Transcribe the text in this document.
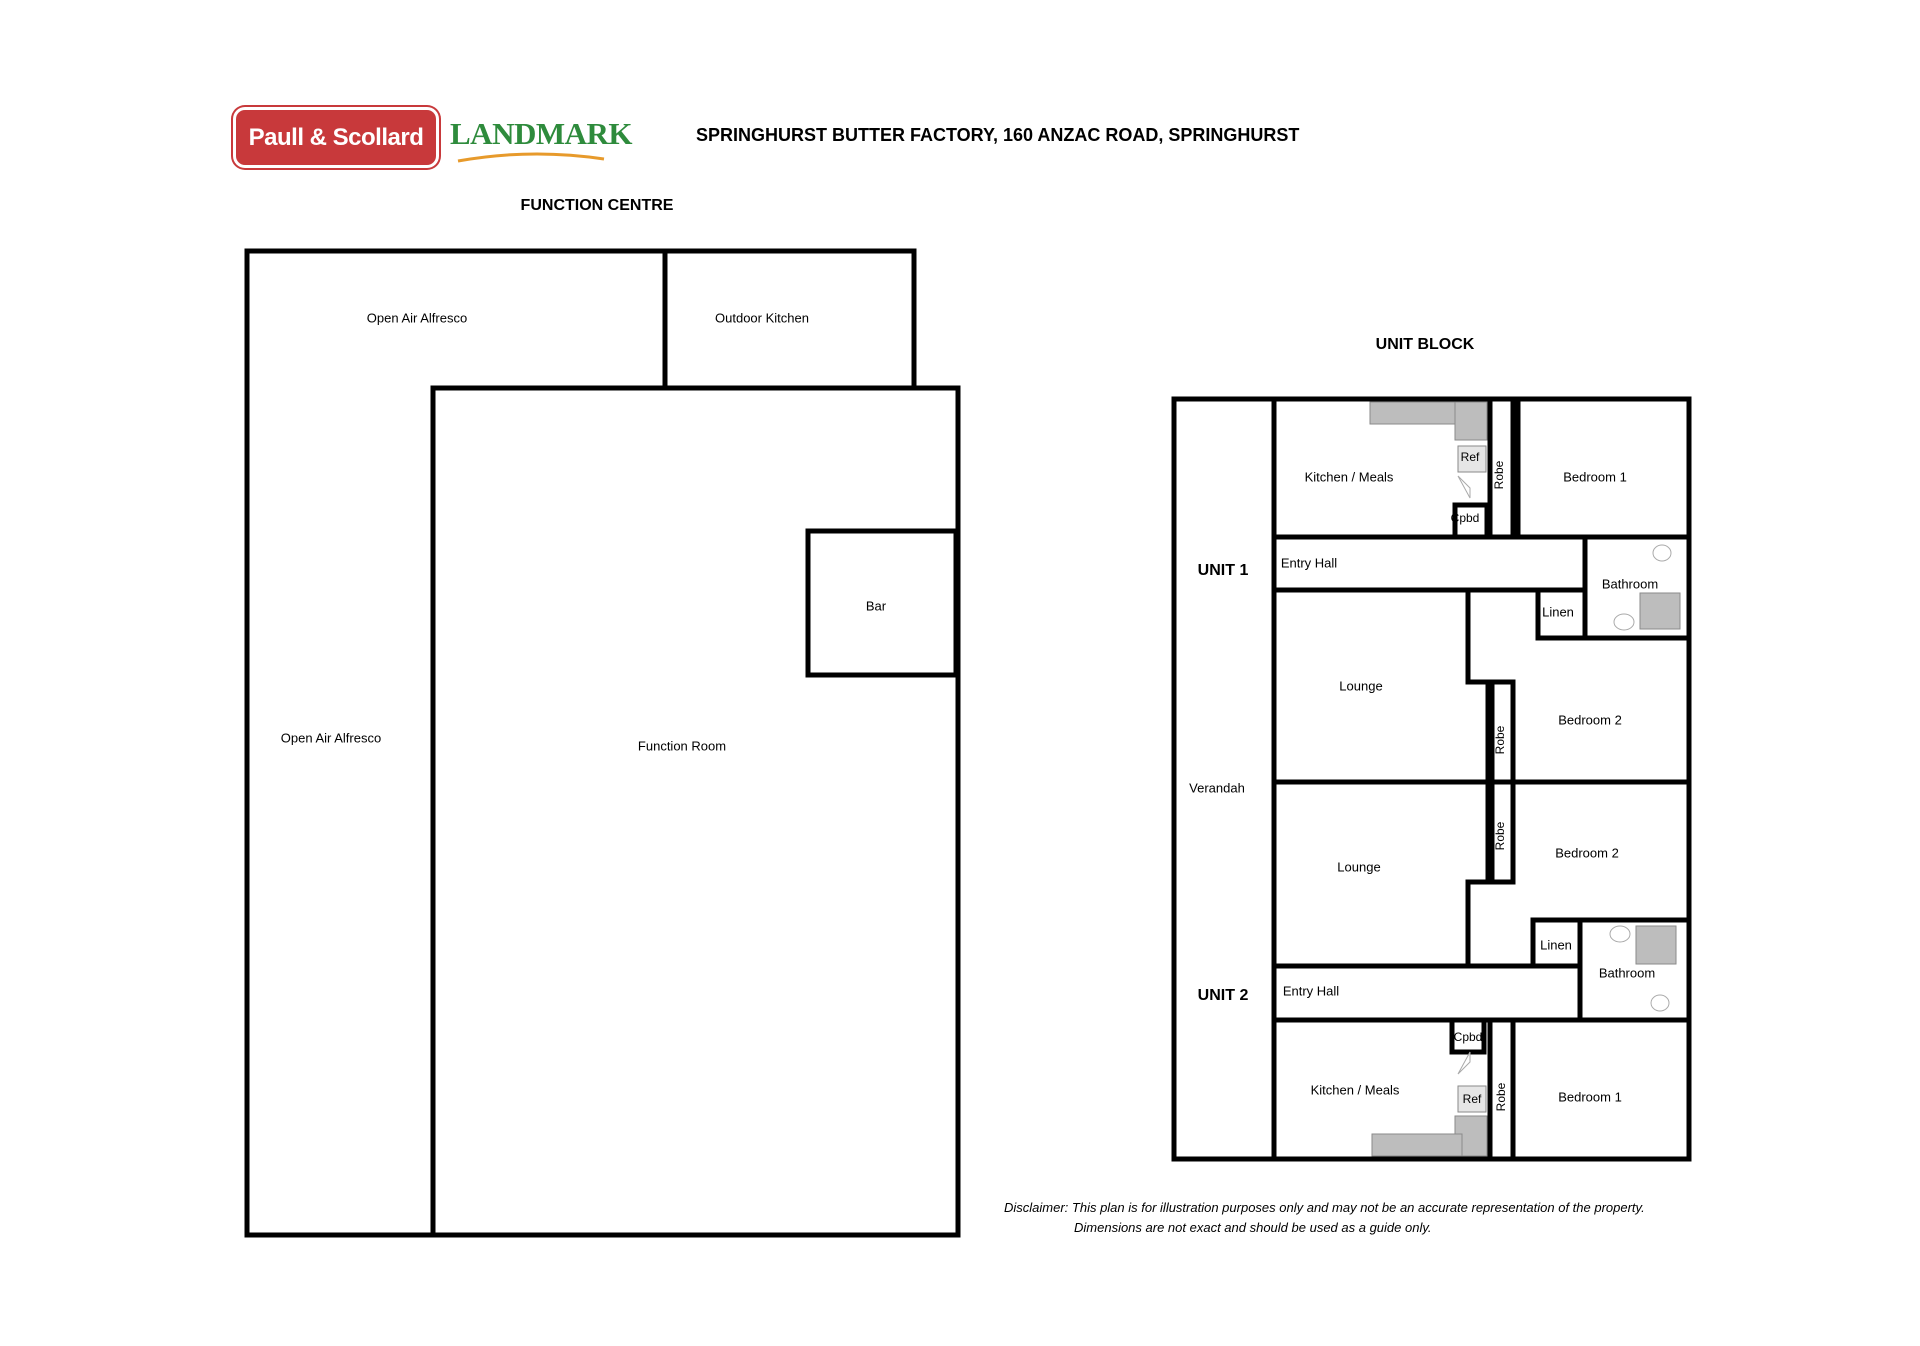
Paull & Scollard LANDMARK	SPRINGHURST BUTTER FACTORY, 160 ANZAC ROAD, SPRINGHURST
FUNCTION CENTRE
UNIT BLOCK
Open Air Alfresco	Outdoor Kitchen
Bar
Open Air Alfresco
Function Room
Verandah
UNIT 1
UNIT 2
Kitchen / Meals
Ref
Cpbd
Robe	Bedroom 1
Entry Hall
Bathroom
Linen
Lounge
Robe
Bedroom 2
Lounge
Robe
Bedroom 2
Linen
Bathroom
Entry Hall
Cpbd
Kitchen / Meals
Ref Robe	Bedroom 1
Disclaimer: This plan is for illustration purposes only and may not be an accurate representation of the property.
Dimensions are not exact and should be used as a guide only.
